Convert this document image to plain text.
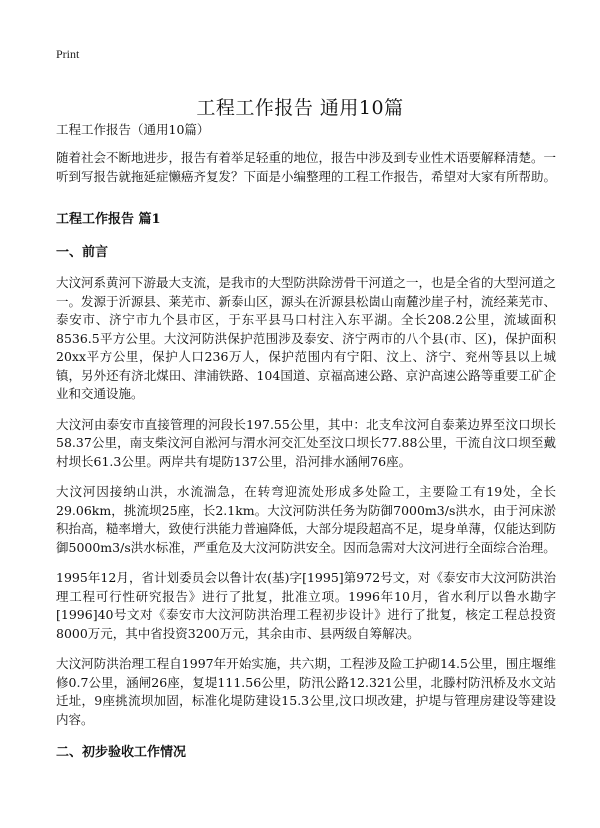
Print
工程工作报告 通用10篇
工程工作报告（通用10篇）

随着社会不断地进步，报告有着举足轻重的地位，报告中涉及到专业性术语要解释清楚。一听到写报告就拖延症懒癌齐复发？下面是小编整理的工程工作报告，希望对大家有所帮助。

工程工作报告 篇1
一、前言

大汶河系黄河下游最大支流，是我市的大型防洪除涝骨干河道之一，也是全省的大型河道之一。发源于沂源县、莱芜市、新泰山区，源头在沂源县松崮山南麓沙崖子村，流经莱芜市、泰安市、济宁市九个县市区，于东平县马口村注入东平湖。全长208.2公里，流域面积8536.5平方公里。大汶河防洪保护范围涉及泰安、济宁两市的八个县(市、区)，保护面积20xx平方公里，保护人口236万人，保护范围内有宁阳、汶上、济宁、兖州等县以上城镇，另外还有济北煤田、津浦铁路、104国道、京福高速公路、京沪高速公路等重要工矿企业和交通设施。

大汶河由泰安市直接管理的河段长197.55公里，其中：北支牟汶河自泰莱边界至汶口坝长58.37公里，南支柴汶河自淞河与渭水河交汇处至汶口坝长77.88公里，干流自汶口坝至戴村坝长61.3公里。两岸共有堤防137公里，沿河排水涵闸76座。

大汶河因接纳山洪，水流湍急，在转弯迎流处形成多处险工，主要险工有19处，全长29.06km，挑流坝25座，长2.1km。大汶河防洪任务为防御7000m3/s洪水，由于河床淤积抬高，糙率增大，致使行洪能力普遍降低，大部分堤段超高不足，堤身单薄，仅能达到防御5000m3/s洪水标准，严重危及大汶河防洪安全。因而急需对大汶河进行全面综合治理。

1995年12月，省计划委员会以鲁计农(基)字[1995]第972号文，对《泰安市大汶河防洪治理工程可行性研究报告》进行了批复，批准立项。1996年10月，省水利厅以鲁水勘字[1996]40号文对《泰安市大汶河防洪治理工程初步设计》进行了批复，核定工程总投资8000万元，其中省投资3200万元，其余由市、县两级自筹解决。

大汶河防洪治理工程自1997年开始实施，共六期，工程涉及险工护砌14.5公里，围庄堰维修0.7公里，涵闸26座，复堤111.56公里，防汛公路12.321公里，北滕村防汛桥及水文站迁址，9座挑流坝加固，标准化堤防建设15.3公里,汶口坝改建，护堤与管理房建设等建设内容。

二、初步验收工作情况
